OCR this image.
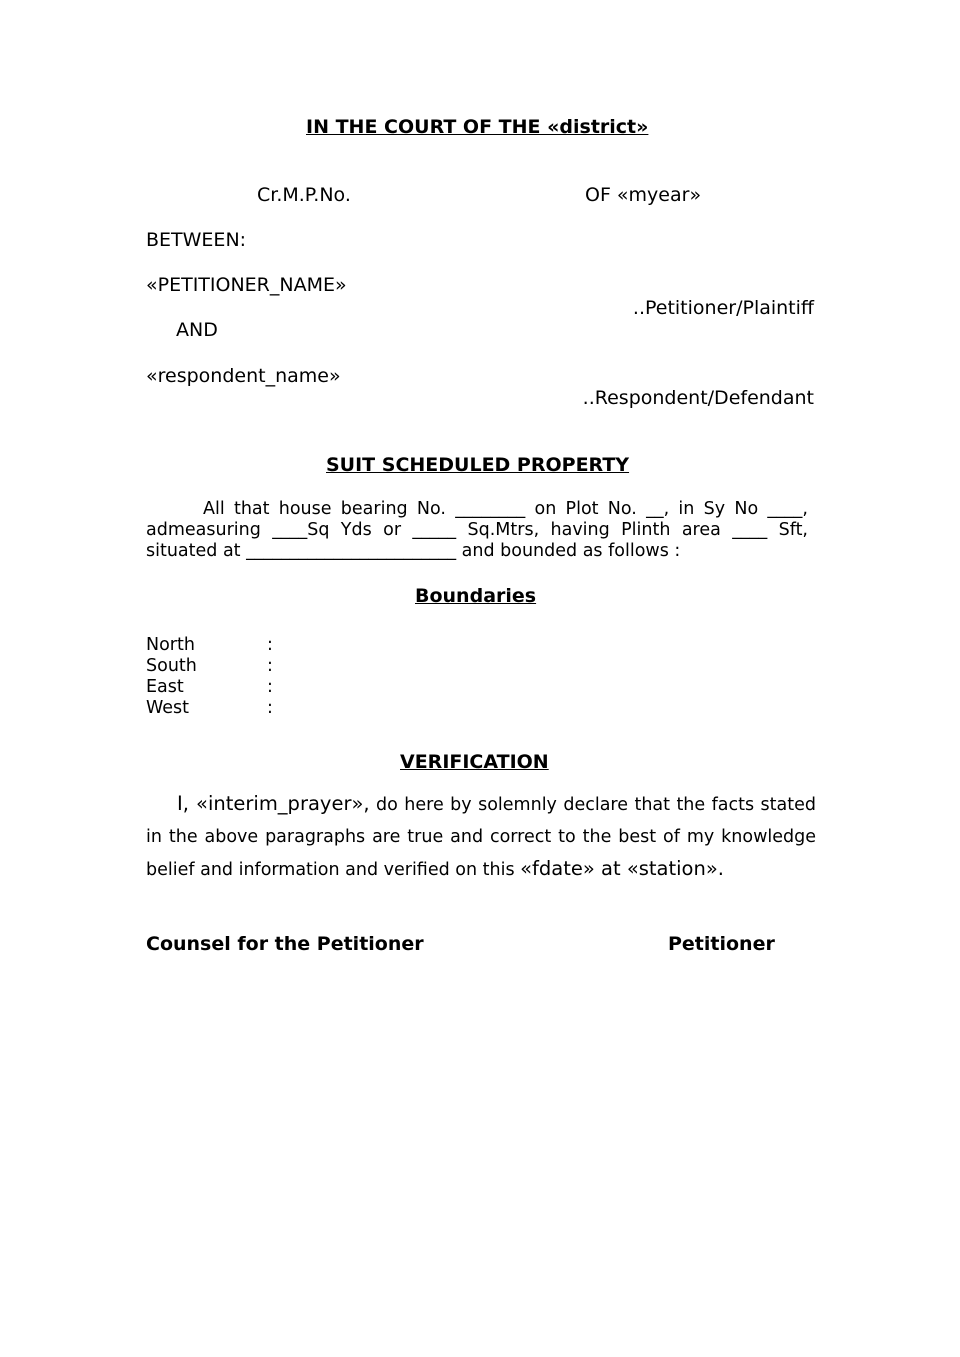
IN THE COURT OF THE «district»
Cr.M.P.No.	OF «myear»
BETWEEN:
«PETITIONER_NAME»
..Petitioner/Plaintiff
AND
«respondent_name»
..Respondent/Defendant
SUIT SCHEDULED PROPERTY
All that house bearing No. ________ on Plot No. __, in Sy No ____, admeasuring ____Sq Yds or _____ Sq.Mtrs, having Plinth area ____ Sft, situated at ________________________ and bounded as follows :
Boundaries
North	:
South	:
East	:
West	:
VERIFICATION
I, «interim_prayer», do here by solemnly declare that the facts stated in the above paragraphs are true and correct to the best of my knowledge belief and information and verified on this «fdate» at «station».
Counsel for the Petitioner	Petitioner
